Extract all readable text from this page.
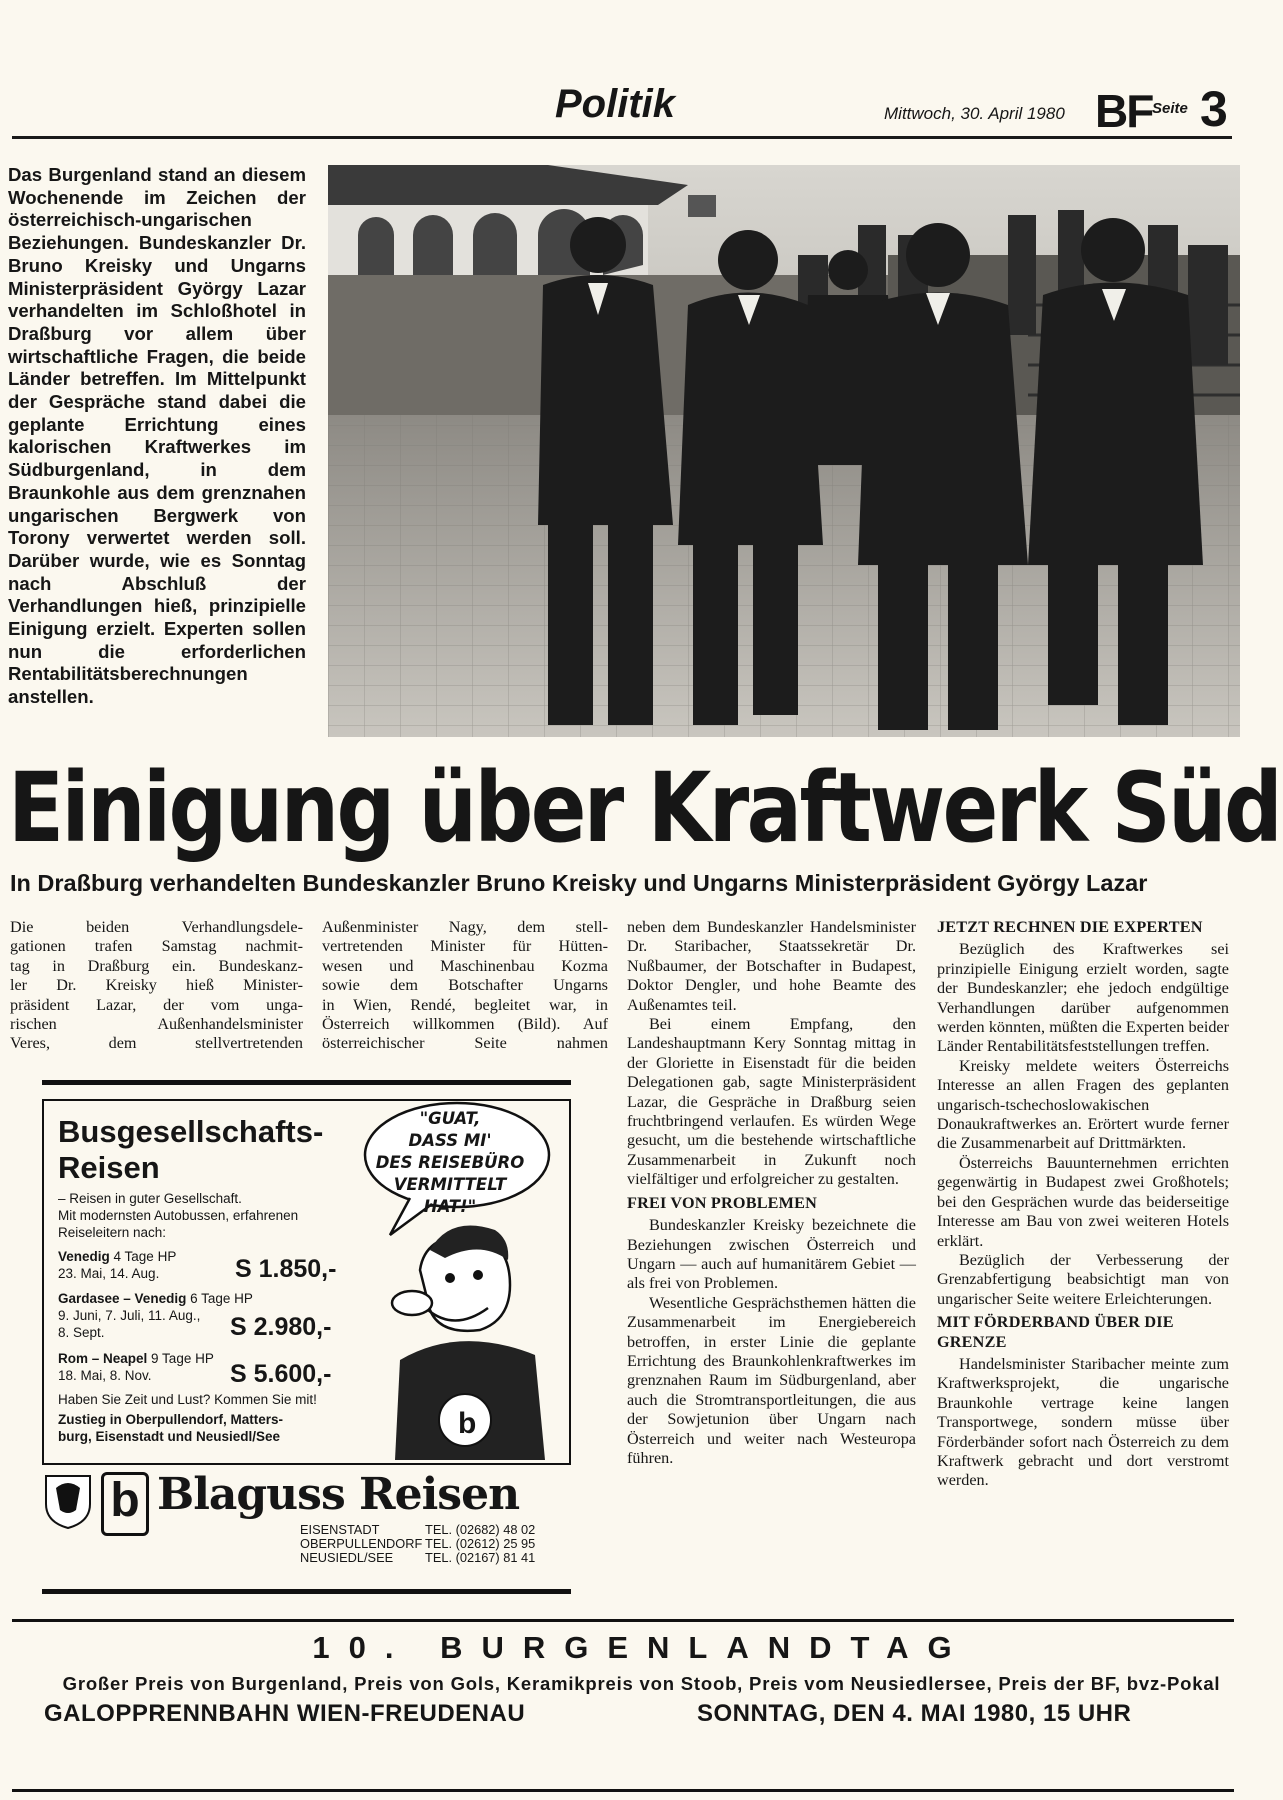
Politik	Mittwoch, 30. April 1980 BF Seite 3
Das Burgenland stand an diesem Wochenende im Zeichen der österreichisch-ungarischen Beziehungen. Bundeskanzler Dr. Bruno Kreisky und Ungarns Ministerpräsident György Lazar verhandelten im Schloßhotel in Draßburg vor allem über wirtschaftliche Fragen, die beide Länder betreffen. Im Mittelpunkt der Gespräche stand dabei die geplante Errichtung eines kalorischen Kraftwerkes im Südburgenland, in dem Braunkohle aus dem grenznahen ungarischen Bergwerk von Torony verwertet werden soll. Darüber wurde, wie es Sonntag nach Abschluß der Verhandlungen hieß, prinzipielle Einigung erzielt. Experten sollen nun die erforderlichen Rentabilitätsberechnungen anstellen.
Einigung über Kraftwerk Süd
In Draßburg verhandelten Bundeskanzler Bruno Kreisky und Ungarns Ministerpräsident György Lazar

Die beiden Verhandlungsdele-

gationen trafen Samstag nachmit-

tag in Draßburg ein. Bundeskanz-

ler Dr. Kreisky hieß Minister-

präsident Lazar, der vom unga-

rischen Außenhandelsminister

Veres, dem stellvertretenden

Außenminister Nagy, dem stell-

vertretenden Minister für Hütten-

wesen und Maschinenbau Kozma

sowie dem Botschafter Ungarns

in Wien, Rendé, begleitet war, in

Österreich willkommen (Bild). Auf

österreichischer Seite nahmen

neben dem Bundeskanzler Handelsminister Dr. Staribacher, Staatssekretär Dr. Nußbaumer, der Botschafter in Budapest, Doktor Dengler, und hohe Beamte des Außenamtes teil.

Bei einem Empfang, den Landeshauptmann Kery Sonntag mittag in der Gloriette in Eisenstadt für die beiden Delegationen gab, sagte Ministerpräsident Lazar, die Gespräche in Draßburg seien fruchtbringend verlaufen. Es würden Wege gesucht, um die bestehende wirtschaftliche Zusammenarbeit in Zukunft noch vielfältiger und erfolgreicher zu gestalten.

FREI VON PROBLEMEN

Bundeskanzler Kreisky bezeichnete die Beziehungen zwischen Österreich und Ungarn — auch auf humanitärem Gebiet — als frei von Problemen.

Wesentliche Gesprächsthemen hätten die Zusammenarbeit im Energiebereich betroffen, in erster Linie die geplante Errichtung des Braunkohlenkraftwerkes im grenznahen Raum im Südburgenland, aber auch die Stromtransportleitungen, die aus der Sowjetunion über Ungarn nach Österreich und weiter nach Westeuropa führen.

JETZT RECHNEN DIE EXPERTEN

Bezüglich des Kraftwerkes sei prinzipielle Einigung erzielt worden, sagte der Bundeskanzler; ehe jedoch endgültige Verhandlungen darüber aufgenommen werden könnten, müßten die Experten beider Länder Rentabilitätsfeststellungen treffen.

Kreisky meldete weiters Österreichs Interesse an allen Fragen des geplanten ungarisch-tschechoslowakischen Donaukraftwerkes an. Erörtert wurde ferner die Zusammenarbeit auf Drittmärkten.

Österreichs Bauunternehmen errichten gegenwärtig in Budapest zwei Großhotels; bei den Gesprächen wurde das beiderseitige Interesse am Bau von zwei weiteren Hotels erklärt.

Bezüglich der Verbesserung der Grenzabfertigung beabsichtigt man von ungarischer Seite weitere Erleichterungen.

MIT FÖRDERBAND ÜBER DIE GRENZE

Handelsminister Staribacher meinte zum Kraftwerksprojekt, die ungarische Braunkohle vertrage keine langen Transportwege, sondern müsse über Förderbänder sofort nach Österreich zu dem Kraftwerk gebracht und dort verstromt werden.

Busgesellschafts-
Reisen
– Reisen in guter Gesellschaft.
Mit modernsten Autobussen, erfahrenen
Reiseleitern nach:
Venedig 4 Tage HP
23. Mai, 14. Aug.	S 1.850,-
Gardasee – Venedig 6 Tage HP
9. Juni, 7. Juli, 11. Aug.,
8. Sept.	S 2.980,-
Rom – Neapel 9 Tage HP
18. Mai, 8. Nov.	S 5.600,-
Haben Sie Zeit und Lust? Kommen Sie mit!
Zustieg in Oberpullendorf, Matters-
burg, Eisenstadt und Neusiedl/See
"GUAT,
DASS MI'
DES REISEBÜRO
VERMITTELT HAT!"
b
b Blaguss Reisen
EISENSTADT	TEL. (02682) 48 02
OBERPULLENDORF TEL. (02612) 25 95
NEUSIEDL/SEE TEL. (02167) 81 41
10. BURGENLANDTAG
Großer Preis von Burgenland, Preis von Gols, Keramikpreis von Stoob, Preis vom Neusiedlersee, Preis der BF, bvz-Pokal
GALOPPRENNBAHN WIEN-FREUDENAU	SONNTAG, DEN 4. MAI 1980, 15 UHR
